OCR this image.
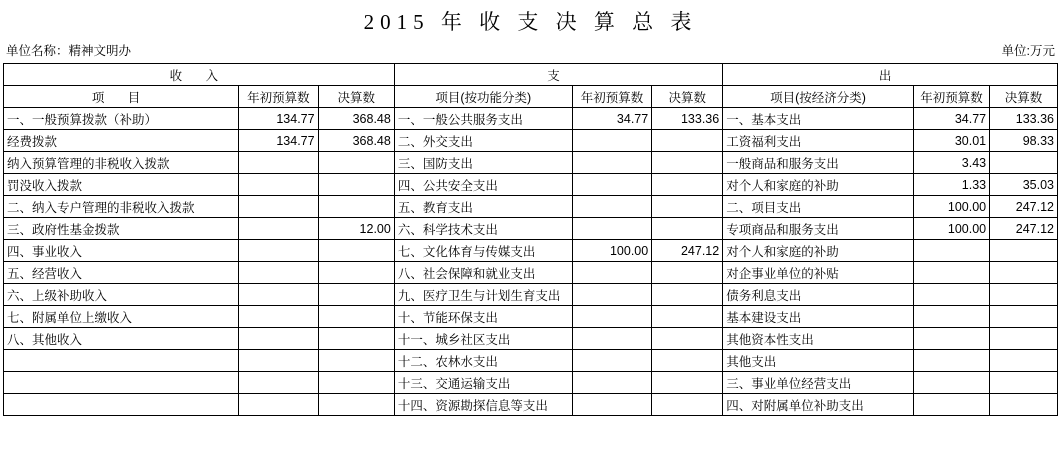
2015 年 收 支 决 算 总 表
单位名称：精神文明办	单位:万元
收 入			支			出		
项 目	年初预算数	决算数	项目(按功能分类)	年初预算数	决算数	项目(按经济分类)	年初预算数	决算数
一、一般预算拨款（补助）	134.77	368.48	一、一般公共服务支出	34.77	133.36	一、基本支出	34.77	133.36
经费拨款	134.77	368.48	二、外交支出			工资福利支出	30.01	98.33
纳入预算管理的非税收入拨款			三、国防支出			一般商品和服务支出	3.43	
罚没收入拨款			四、公共安全支出			对个人和家庭的补助	1.33	35.03
二、纳入专户管理的非税收入拨款			五、教育支出			二、项目支出	100.00	247.12
三、政府性基金拨款		12.00	六、科学技术支出			专项商品和服务支出	100.00	247.12
四、事业收入			七、文化体育与传媒支出	100.00	247.12	对个人和家庭的补助		
五、经营收入			八、社会保障和就业支出			对企事业单位的补贴		
六、上级补助收入			九、医疗卫生与计划生育支出			债务利息支出		
七、附属单位上缴收入			十、节能环保支出			基本建设支出		
八、其他收入			十一、城乡社区支出			其他资本性支出		
			十二、农林水支出			其他支出		
			十三、交通运输支出			三、事业单位经营支出		
			十四、资源勘探信息等支出			四、对附属单位补助支出		
